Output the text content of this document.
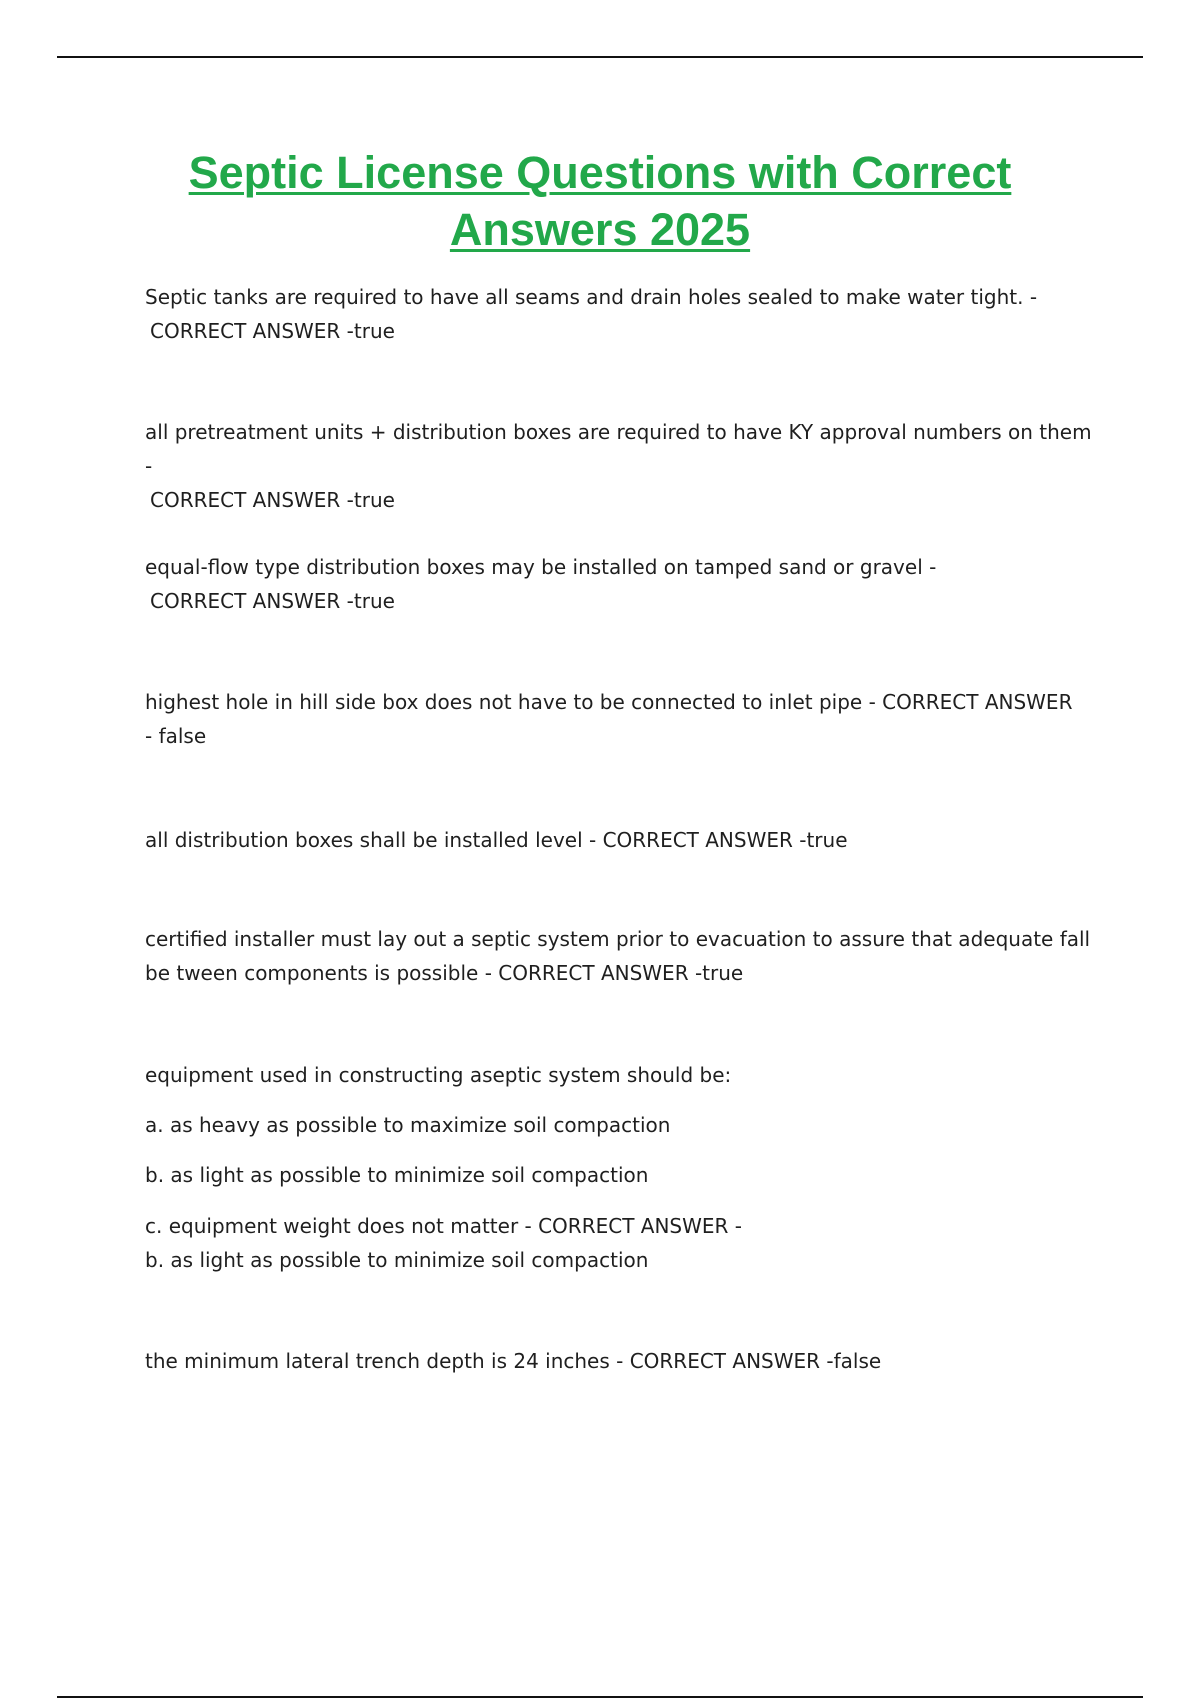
Septic License Questions with Correct
Answers 2025

Septic tanks are required to have all seams and drain holes sealed to make water tight. -
CORRECT ANSWER -true

all pretreatment units + distribution boxes are required to have KY approval numbers on them -
CORRECT ANSWER -true

equal-flow type distribution boxes may be installed on tamped sand or gravel -
CORRECT ANSWER -true

highest hole in hill side box does not have to be connected to inlet pipe - CORRECT ANSWER - false

all distribution boxes shall be installed level - CORRECT ANSWER -true

certified installer must lay out a septic system prior to evacuation to assure that adequate fall be tween components is possible - CORRECT ANSWER -true

equipment used in constructing aseptic system should be:

a. as heavy as possible to maximize soil compaction

b. as light as possible to minimize soil compaction

c. equipment weight does not matter - CORRECT ANSWER -

b. as light as possible to minimize soil compaction

the minimum lateral trench depth is 24 inches - CORRECT ANSWER -false
